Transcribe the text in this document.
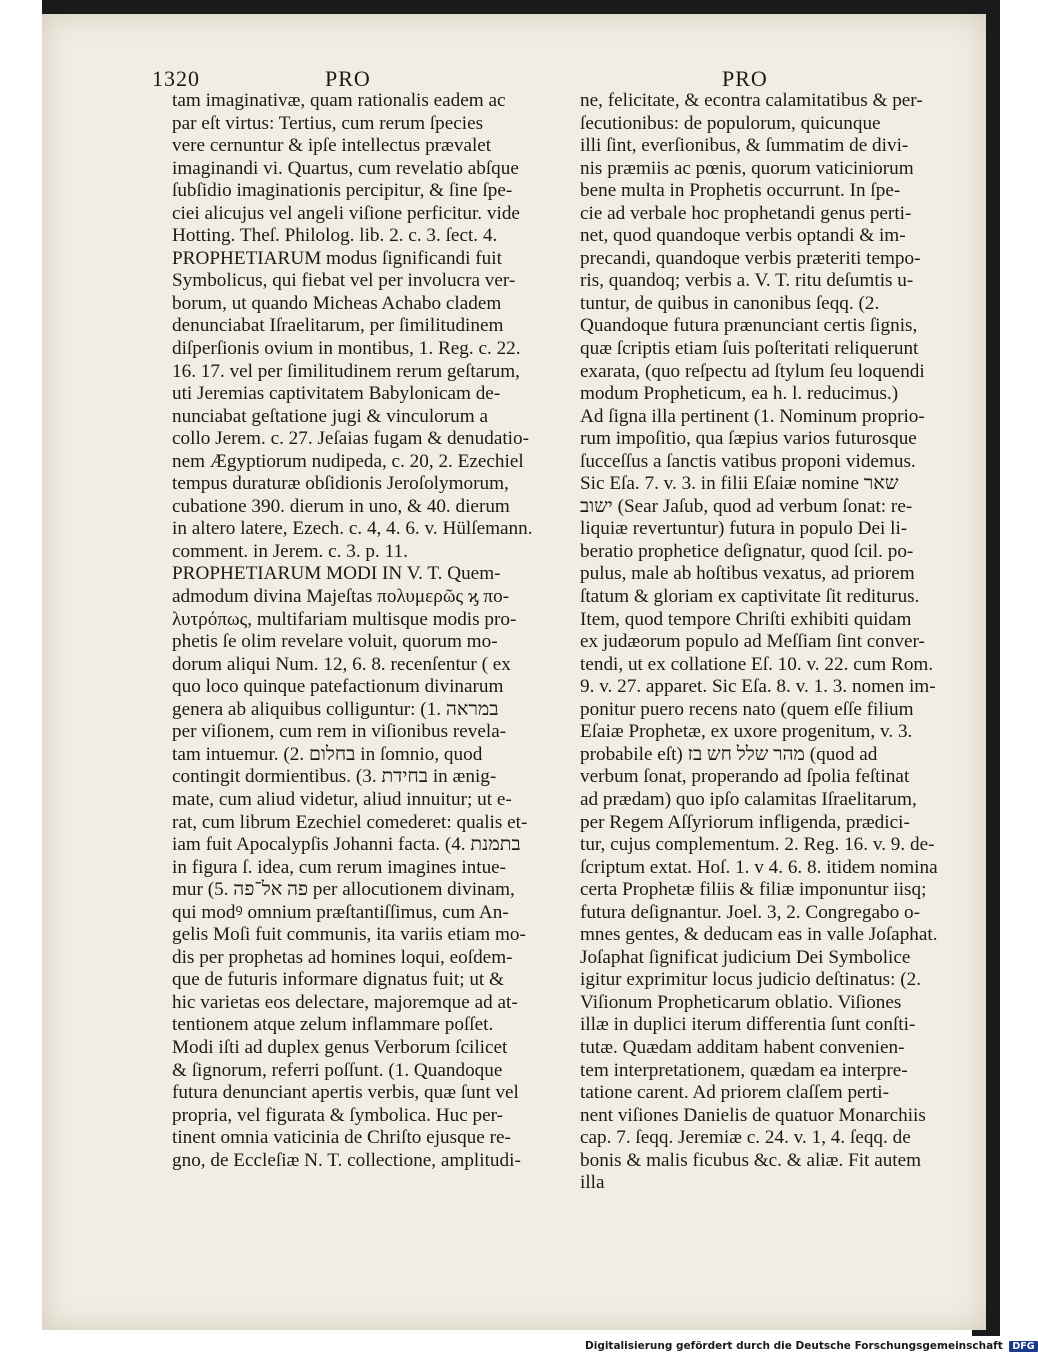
1320	PRO	PRO
tam imaginativæ, quam rationalis eadem ac
par eſt virtus: Tertius, cum rerum ſpecies
vere cernuntur & ipſe intellectus prævalet
imaginandi vi. Quartus, cum revelatio abſque
ſubſidio imaginationis percipitur, & ſine ſpe-
ciei alicujus vel angeli viſione perficitur. vide
Hotting. Theſ. Philolog. lib. 2. c. 3. ſect. 4.
PROPHETIARUM modus ſignificandi fuit
Symbolicus, qui fiebat vel per involucra ver-
borum, ut quando Micheas Achabo cladem
denunciabat Iſraelitarum, per ſimilitudinem
diſperſionis ovium in montibus, 1. Reg. c. 22.
16. 17. vel per ſimilitudinem rerum geſtarum,
uti Jeremias captivitatem Babylonicam de-
nunciabat geſtatione jugi & vinculorum a
collo Jerem. c. 27. Jeſaias fugam & denudatio-
nem Ægyptiorum nudipeda, c. 20, 2. Ezechiel
tempus duraturæ obſidionis Jeroſolymorum,
cubatione 390. dierum in uno, & 40. dierum
in altero latere, Ezech. c. 4, 4. 6. v. Hülſemann.
comment. in Jerem. c. 3. p. 11.
PROPHETIARUM MODI IN V. T. Quem-
admodum divina Majeſtas πολυμερῶς ϗ πο-
λυτρόπως, multifariam multisque modis pro-
phetis ſe olim revelare voluit, quorum mo-
dorum aliqui Num. 12, 6. 8. recenſentur ( ex
quo loco quinque patefactionum divinarum
genera ab aliquibus colliguntur: (1. במראה
per viſionem, cum rem in viſionibus revela-
tam intuemur. (2. בחלום in ſomnio, quod
contingit dormientibus. (3. בחידת in ænig-
mate, cum aliud videtur, aliud innuitur; ut e-
rat, cum librum Ezechiel comederet: qualis et-
iam fuit Apocalypſis Johanni facta. (4. בתמנת
in figura ſ. idea, cum rerum imagines intue-
mur (5. פה אל־פה per allocutionem divinam,
qui modꝰ omnium præſtantiſſimus, cum An-
gelis Moſi fuit communis, ita variis etiam mo-
dis per prophetas ad homines loqui, eoſdem-
que de futuris informare dignatus fuit; ut &
hic varietas eos delectare, majoremque ad at-
tentionem atque zelum inflammare poſſet.
Modi iſti ad duplex genus Verborum ſcilicet
& ſignorum, referri poſſunt. (1. Quandoque
futura denunciant apertis verbis, quæ ſunt vel
propria, vel figurata & ſymbolica. Huc per-
tinent omnia vaticinia de Chriſto ejusque re-
gno, de Eccleſiæ N. T. collectione, amplitudi-
ne, felicitate, & econtra calamitatibus & per-
ſecutionibus: de populorum, quicunque
illi ſint, everſionibus, & ſummatim de divi-
nis præmiis ac pœnis, quorum vaticiniorum
bene multa in Prophetis occurrunt. In ſpe-
cie ad verbale hoc prophetandi genus perti-
net, quod quandoque verbis optandi & im-
precandi, quandoque verbis præteriti tempo-
ris, quandoq; verbis a. V. T. ritu deſumtis u-
tuntur, de quibus in canonibus ſeqq. (2.
Quandoque futura prænunciant certis ſignis,
quæ ſcriptis etiam ſuis poſteritati reliquerunt
exarata, (quo reſpectu ad ſtylum ſeu loquendi
modum Propheticum, ea h. l. reducimus.)
Ad ſigna illa pertinent (1. Nominum proprio-
rum impoſitio, qua ſæpius varios futurosque
ſucceſſus a ſanctis vatibus proponi videmus.
Sic Eſa. 7. v. 3. in filii Eſaiæ nomine שאר
ישוב (Sear Jaſub, quod ad verbum ſonat: re-
liquiæ revertuntur) futura in populo Dei li-
beratio prophetice deſignatur, quod ſcil. po-
pulus, male ab hoſtibus vexatus, ad priorem
ſtatum & gloriam ex captivitate ſit rediturus.
Item, quod tempore Chriſti exhibiti quidam
ex judæorum populo ad Meſſiam ſint conver-
tendi, ut ex collatione Eſ. 10. v. 22. cum Rom.
9. v. 27. apparet. Sic Eſa. 8. v. 1. 3. nomen im-
ponitur puero recens nato (quem eſſe filium
Eſaiæ Prophetæ, ex uxore progenitum, v. 3.
probabile eſt) מהר שלל חש בז (quod ad
verbum ſonat, properando ad ſpolia feſtinat
ad prædam) quo ipſo calamitas Iſraelitarum,
per Regem Aſſyriorum infligenda, prædici-
tur, cujus complementum. 2. Reg. 16. v. 9. de-
ſcriptum extat. Hoſ. 1. v 4. 6. 8. itidem nomina
certa Prophetæ filiis & filiæ imponuntur iisq;
futura deſignantur. Joel. 3, 2. Congregabo o-
mnes gentes, & deducam eas in valle Joſaphat.
Joſaphat ſignificat judicium Dei Symbolice
igitur exprimitur locus judicio deſtinatus: (2.
Viſionum Propheticarum oblatio. Viſiones
illæ in duplici iterum differentia ſunt conſti-
tutæ. Quædam additam habent convenien-
tem interpretationem, quædam ea interpre-
tatione carent. Ad priorem claſſem perti-
nent viſiones Danielis de quatuor Monarchiis
cap. 7. ſeqq. Jeremiæ c. 24. v. 1, 4. ſeqq. de
bonis & malis ficubus &c. & aliæ. Fit autem
illa
Digitalisierung gefördert durch die Deutsche Forschungsgemeinschaft DFG
